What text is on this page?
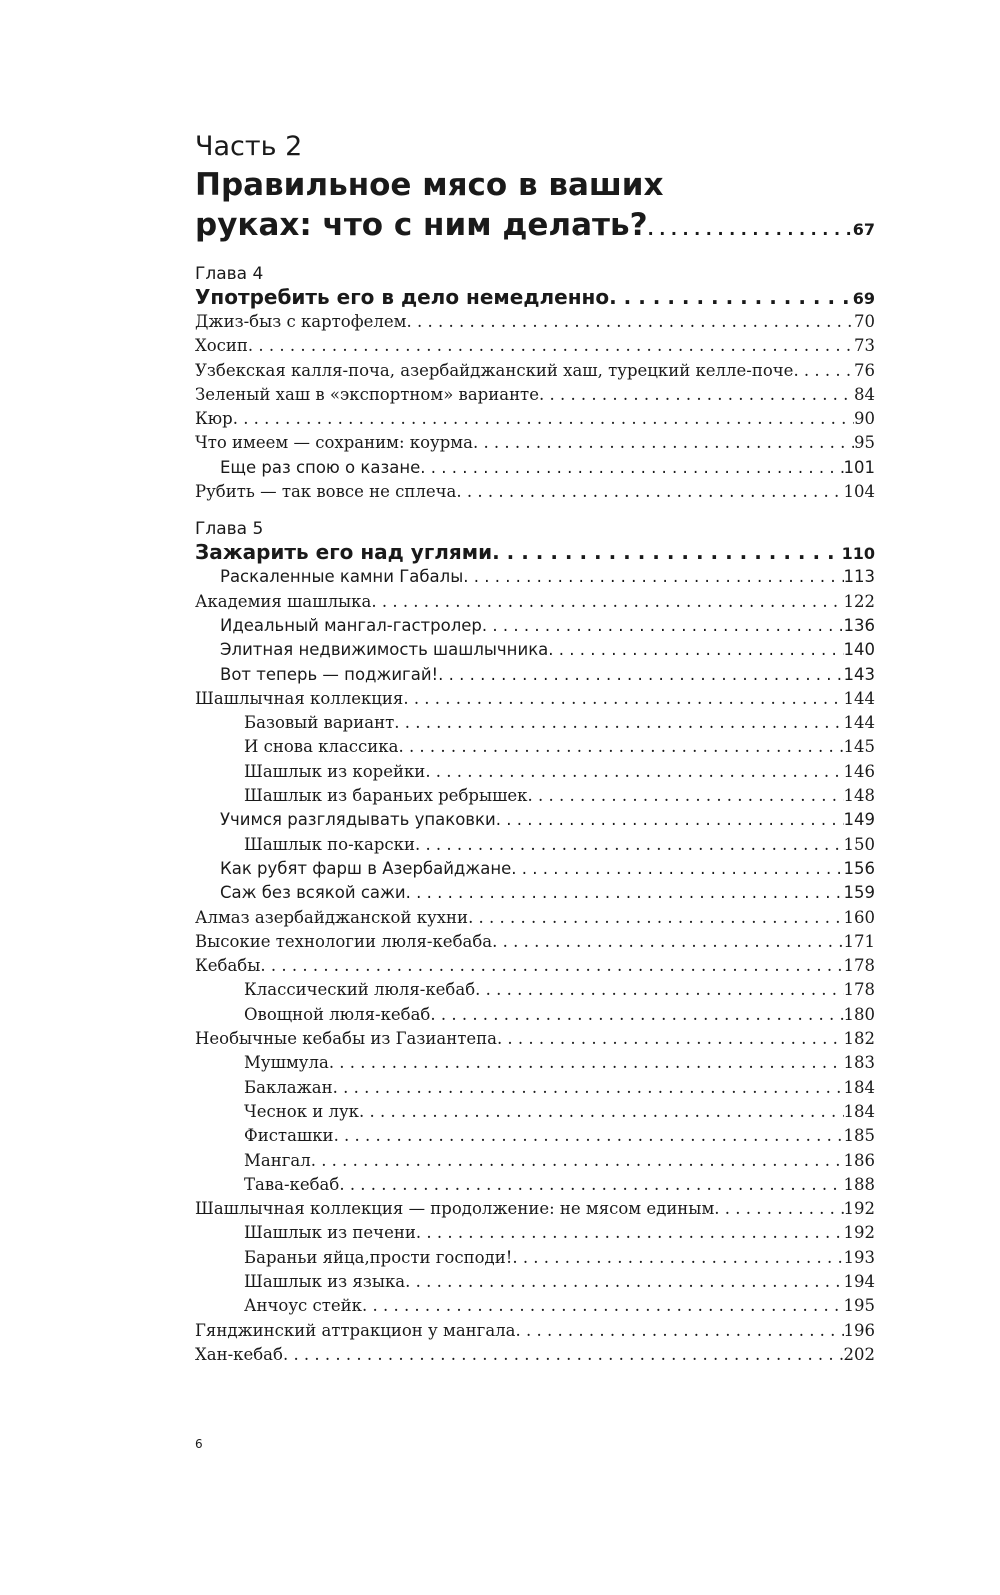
Часть 2
Правильное мясо в ваших
руках: что с ним делать? . . .	67
Глава 4
Употребить его в дело немедленно . . .	69
Джиз-быз с картофелем . . .	70
Хосип . . .	73
Узбекская калля-почa, азербайджанский хаш, турецкий келле-поче . . .	76
Зеленый хаш в «экспортном» варианте . . .	84
Кюр . . .	90
Что имеем — сохраним: коурма . . .	95
Еще раз спою о казане . . .	101
Рубить — так вовсе не сплеча . . .	104
Глава 5
Зажарить его над углями . . .	110
Раскаленные камни Габалы . . .	113
Академия шашлыка . . .	122
Идеальный мангал-гастролер . . .	136
Элитная недвижимость шашлычника . . .	140
Вот теперь — поджигай! . . .	143
Шашлычная коллекция . . .	144
Базовый вариант . . .	144
И снова классика . . .	145
Шашлык из корейки . . .	146
Шашлык из бараньих ребрышек . . .	148
Учимся разглядывать упаковки . . .	149
Шашлык по-карски . . .	150
Как рубят фарш в Азербайджане . . .	156
Саж без всякой сажи . . .	159
Алмаз азербайджанской кухни . . .	160
Высокие технологии люля-кебаба . . .	171
Кебабы . . .	178
Классический люля-кебаб . . .	178
Овощной люля-кебаб . . .	180
Необычные кебабы из Газиантепа . . .	182
Мушмула . . .	183
Баклажан . . .	184
Чеснок и лук . . .	184
Фисташки . . .	185
Мангал . . .	186
Тава-кебаб . . .	188
Шашлычная коллекция — продолжение: не мясом единым . . .	192
Шашлык из печени . . .	192
Бараньи яйца,прости господи! . . .	193
Шашлык из языка . . .	194
Анчоус стейк . . .	195
Гянджинский аттракцион у мангала . . .	196
Хан-кебаб . . .	202
6
